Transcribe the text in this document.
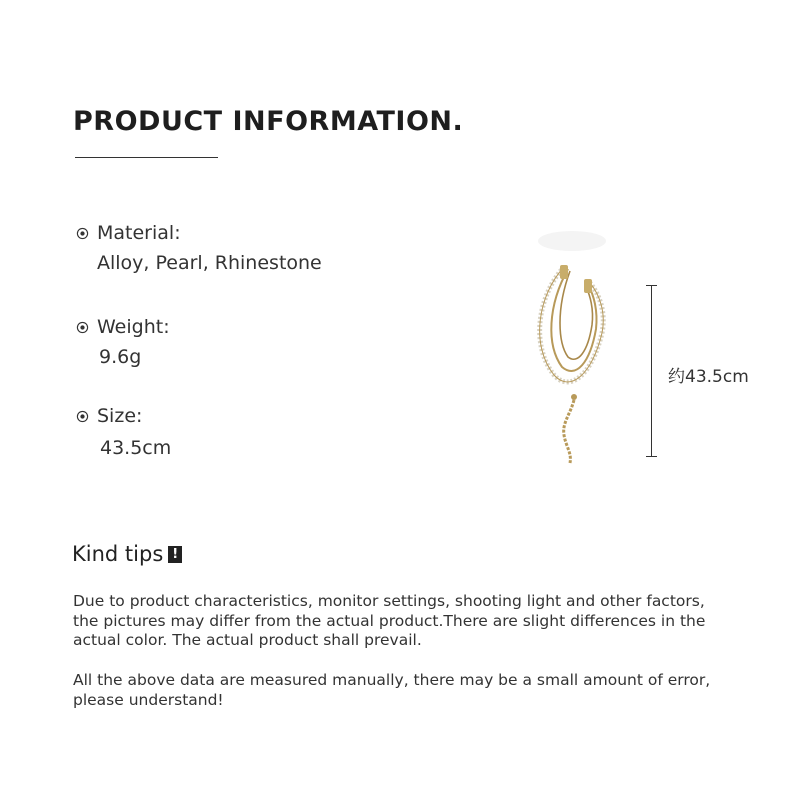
PRODUCT INFORMATION.
Material:
Alloy, Pearl, Rhinestone
Weight:
9.6g
Size:
43.5cm
约43.5cm
Kind tips !

Due to product characteristics, monitor settings, shooting light and other factors, the pictures may differ from the actual product.There are slight differences in the actual color. The actual product shall prevail.

All the above data are measured manually, there may be a small amount of error, please understand!
